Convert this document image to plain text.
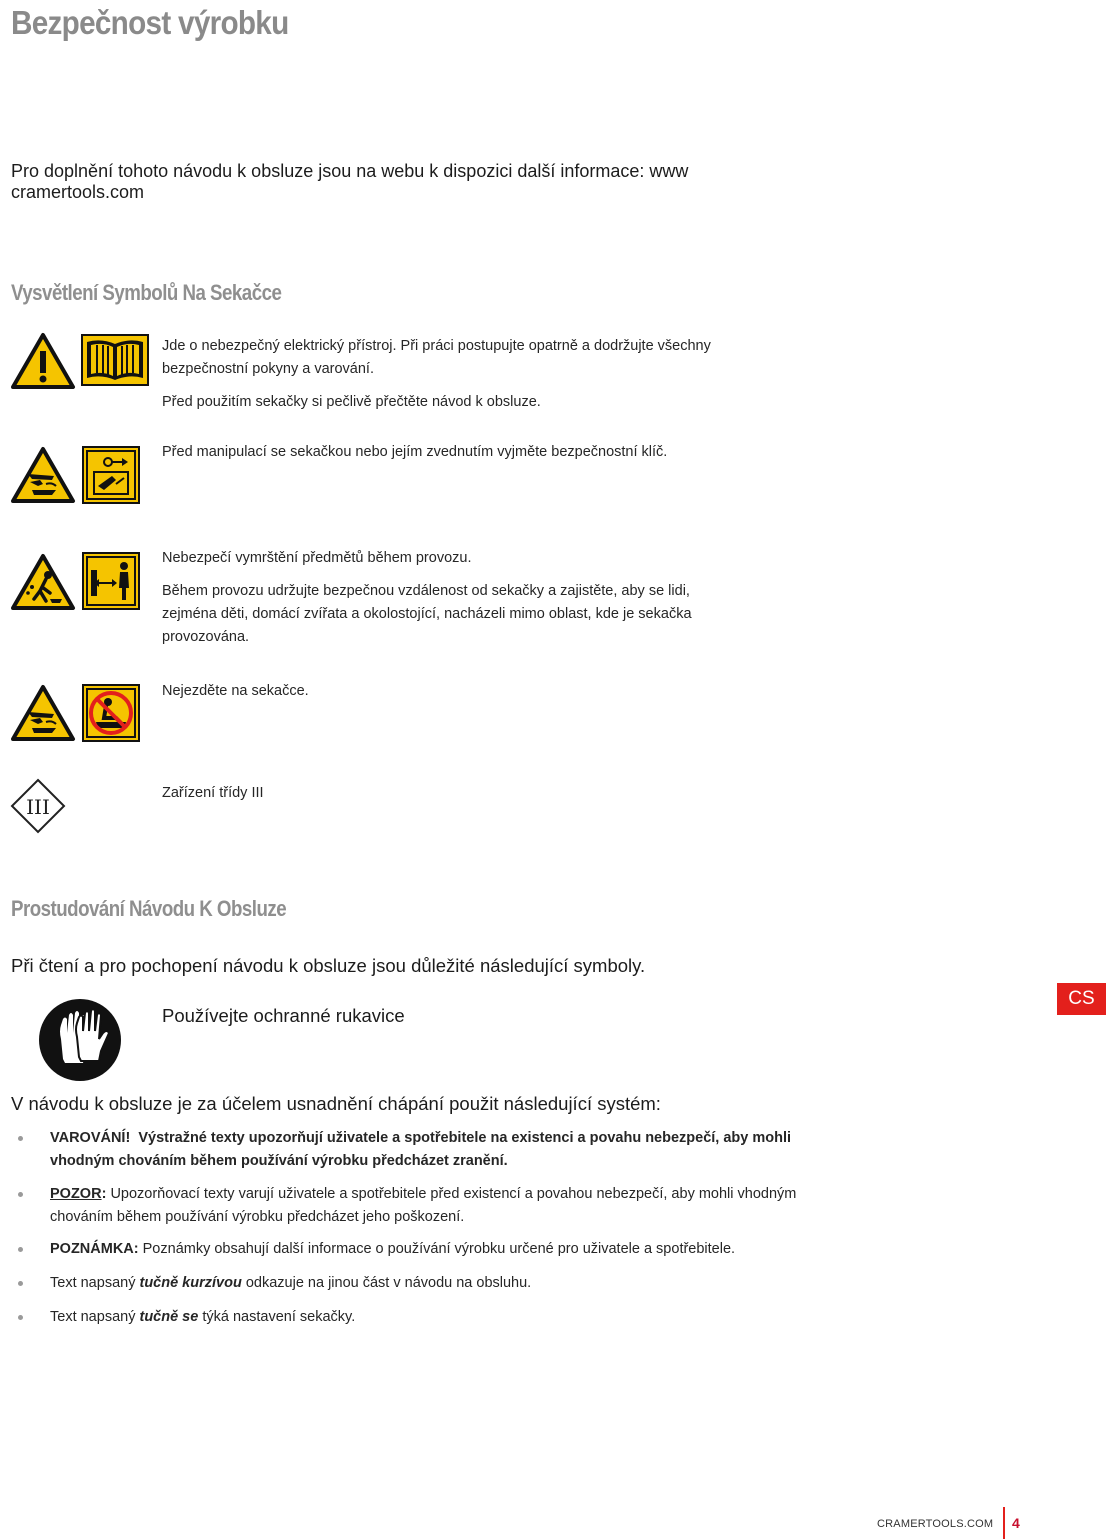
Bezpečnost výrobku
Pro doplnění tohoto návodu k obsluze jsou na webu k dispozici další informace: www cramertools.com
Vysvětlení Symbolů Na Sekačce

Jde o nebezpečný elektrický přístroj. Při práci postupujte opatrně a dodržujte všechny bezpečnostní pokyny a varování.

Před použitím sekačky si pečlivě přečtěte návod k obsluze.

Před manipulací se sekačkou nebo jejím zvednutím vyjměte bezpečnostní klíč.

Nebezpečí vymrštění předmětů během provozu.

Během provozu udržujte bezpečnou vzdálenost od sekačky a zajistěte, aby se lidi, zejména děti, domácí zvířata a okolostojící, nacházeli mimo oblast, kde je sekačka provozována.

Nejezděte na sekačce.

III

Zařízení třídy III

Prostudování Návodu K Obsluze
Při čtení a pro pochopení návodu k obsluze jsou důležité následující symboly.
Používejte ochranné rukavice
V návodu k obsluze je za účelem usnadnění chápání použit následující systém:
VAROVÁNÍ! Výstražné texty upozorňují uživatele a spotřebitele na existenci a povahu nebezpečí, aby mohli vhodným chováním během používání výrobku předcházet zranění.
POZOR: Upozorňovací texty varují uživatele a spotřebitele před existencí a povahou nebezpečí, aby mohli vhodným chováním během používání výrobku předcházet jeho poškození.
POZNÁMKA: Poznámky obsahují další informace o používání výrobku určené pro uživatele a spotřebitele.
Text napsaný tučně kurzívou odkazuje na jinou část v návodu na obsluhu.
Text napsaný tučně se týká nastavení sekačky.
CS
CRAMERTOOLS.COM 4
